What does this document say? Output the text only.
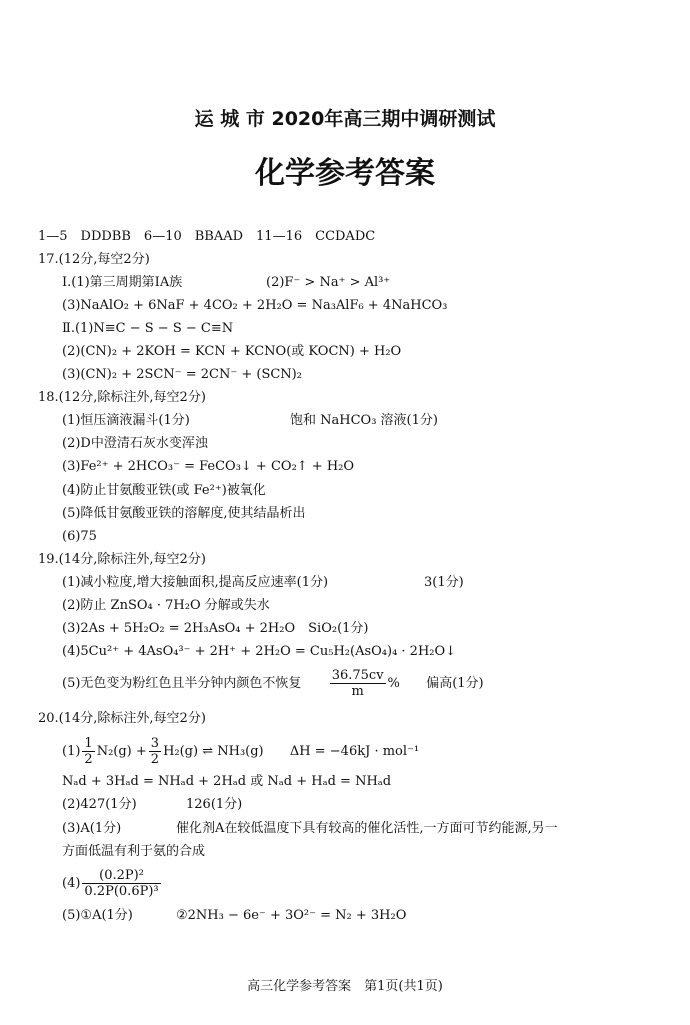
运 城 市 2020年高三期中调研测试
化学参考答案
1—5　DDDBB　6—10　BBAAD　11—16　CCDADC
17.(12分,每空2分)
Ⅰ.(1)第三周期第ⅠA族	(2)F⁻ > Na⁺ > Al³⁺
(3)NaAlO₂ + 6NaF + 4CO₂ + 2H₂O = Na₃AlF₆ + 4NaHCO₃
Ⅱ.(1)N≡C − S − S − C≡N
(2)(CN)₂ + 2KOH = KCN + KCNO(或 KOCN) + H₂O
(3)(CN)₂ + 2SCN⁻ = 2CN⁻ + (SCN)₂
18.(12分,除标注外,每空2分)
(1)恒压滴液漏斗(1分)	饱和 NaHCO₃ 溶液(1分)
(2)D中澄清石灰水变浑浊
(3)Fe²⁺ + 2HCO₃⁻ = FeCO₃↓ + CO₂↑ + H₂O
(4)防止甘氨酸亚铁(或 Fe²⁺)被氧化
(5)降低甘氨酸亚铁的溶解度,使其结晶析出
(6)75
19.(14分,除标注外,每空2分)
(1)减小粒度,增大接触面积,提高反应速率(1分)	3(1分)
(2)防止 ZnSO₄ · 7H₂O 分解或失水
(3)2As + 5H₂O₂ = 2H₃AsO₄ + 2H₂O　SiO₂(1分)
(4)5Cu²⁺ + 4AsO₄³⁻ + 2H⁺ + 2H₂O = Cu₅H₂(AsO₄)₄ · 2H₂O↓
(5)无色变为粉红色且半分钟内颜色不恢复 $\frac{36.75cv}{m}$ % 偏高(1分)
20.(14分,除标注外,每空2分)
$(1) \frac{1}{2} N_2(g) + \frac{3}{2} H_2(g)$ ⇌ NH₃(g) ΔH = −46kJ · mol⁻¹
Nₐd + 3Hₐd = NHₐd + 2Hₐd 或 Nₐd + Hₐd = NHₐd
(2)427(1分)	126(1分)
(3)A(1分)	催化剂A在较低温度下具有较高的催化活性,一方面可节约能源,另一
方面低温有利于氨的合成
$(4) \frac{\text{(0.2P)²}}{\text{0.2P(0.6P)³}}$
(5)①A(1分)	②2NH₃ − 6e⁻ + 3O²⁻ = N₂ + 3H₂O
高三化学参考答案　第1页(共1页)
